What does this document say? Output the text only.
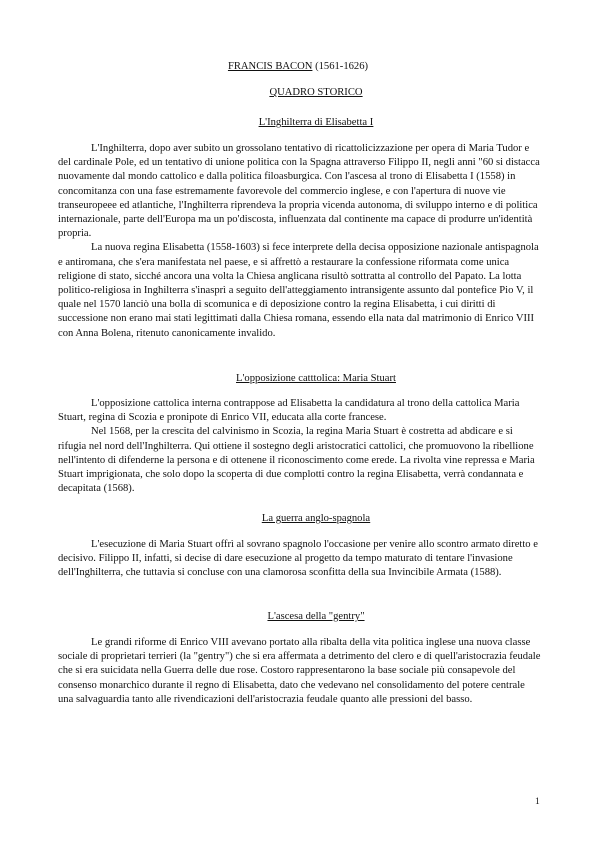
FRANCIS BACON (1561-1626)
QUADRO STORICO
L'Inghilterra di Elisabetta I

L'Inghilterra, dopo aver subito un grossolano tentativo di ricattolicizzazione per opera di Maria Tudor e del cardinale Pole, ed un tentativo di unione politica con la Spagna attraverso Filippo II, negli anni "60 si distacca nuovamente dal mondo cattolico e dalla politica filoasburgica. Con l'ascesa al trono di Elisabetta I (1558) in concomitanza con una fase estremamente favorevole del commercio inglese, e con l'apertura di nuove vie transeuropeee ed atlantiche, l'Inghilterra riprendeva la propria vicenda autonoma, di sviluppo interno e di politica internazionale, parte dell'Europa ma un po'discosta, influenzata dal continente ma capace di produrre un'identità propria.

La nuova regina Elisabetta (1558-1603) si fece interprete della decisa opposizione nazionale antispagnola e antiromana, che s'era manifestata nel paese, e si affrettò a restaurare la confessione riformata come unica religione di stato, sicché ancora una volta la Chiesa anglicana risultò sottratta al controllo del Papato. La lotta politico-religiosa in Inghilterra s'inasprì a seguito dell'atteggiamento intransigente assunto dal pontefice Pio V, il quale nel 1570 lanciò una bolla di scomunica e di deposizione contro la regina Elisabetta, i cui diritti di successione non erano mai stati legittimati dalla Chiesa romana, essendo ella nata dal matrimonio di Enrico VIII con Anna Bolena, ritenuto canonicamente invalido.

L'opposizione catttolica: Maria Stuart

L'opposizione cattolica interna contrappose ad Elisabetta la candidatura al trono della cattolica Maria Stuart, regina di Scozia e pronipote di Enrico VII, educata alla corte francese.

Nel 1568, per la crescita del calvinismo in Scozia, la regina Maria Stuart è costretta ad abdicare e si rifugia nel nord dell'Inghilterra. Qui ottiene il sostegno degli aristocratici cattolici, che promuovono la ribellione nell'intento di difenderne la persona e di ottenene il riconoscimento come erede. La rivolta vine repressa e Maria Stuart imprigionata, che solo dopo la scoperta di due complotti contro la regina Elisabetta, verrà condannata e decapitata (1568).

La guerra anglo-spagnola

L'esecuzione di Maria Stuart offrì al sovrano spagnolo l'occasione per venire allo scontro armato diretto e decisivo. Filippo II, infatti, si decise di dare esecuzione al progetto da tempo maturato di tentare l'invasione dell'Inghilterra, che tuttavia si concluse con una clamorosa sconfitta della sua Invincibile Armata (1588).

L'ascesa della "gentry"

Le grandi riforme di Enrico VIII avevano portato alla ribalta della vita politica inglese una nuova classe sociale di proprietari terrieri (la "gentry") che si era affermata a detrimento del clero e di quell'aristocrazia feudale che si era suicidata nella Guerra delle due rose. Costoro rappresentarono la base sociale più consapevole del consenso monarchico durante il regno di Elisabetta, dato che vedevano nel consolidamento del potere centrale una salvaguardia tanto alle rivendicazioni dell'aristocrazia feudale quanto alle pressioni del basso.

1
